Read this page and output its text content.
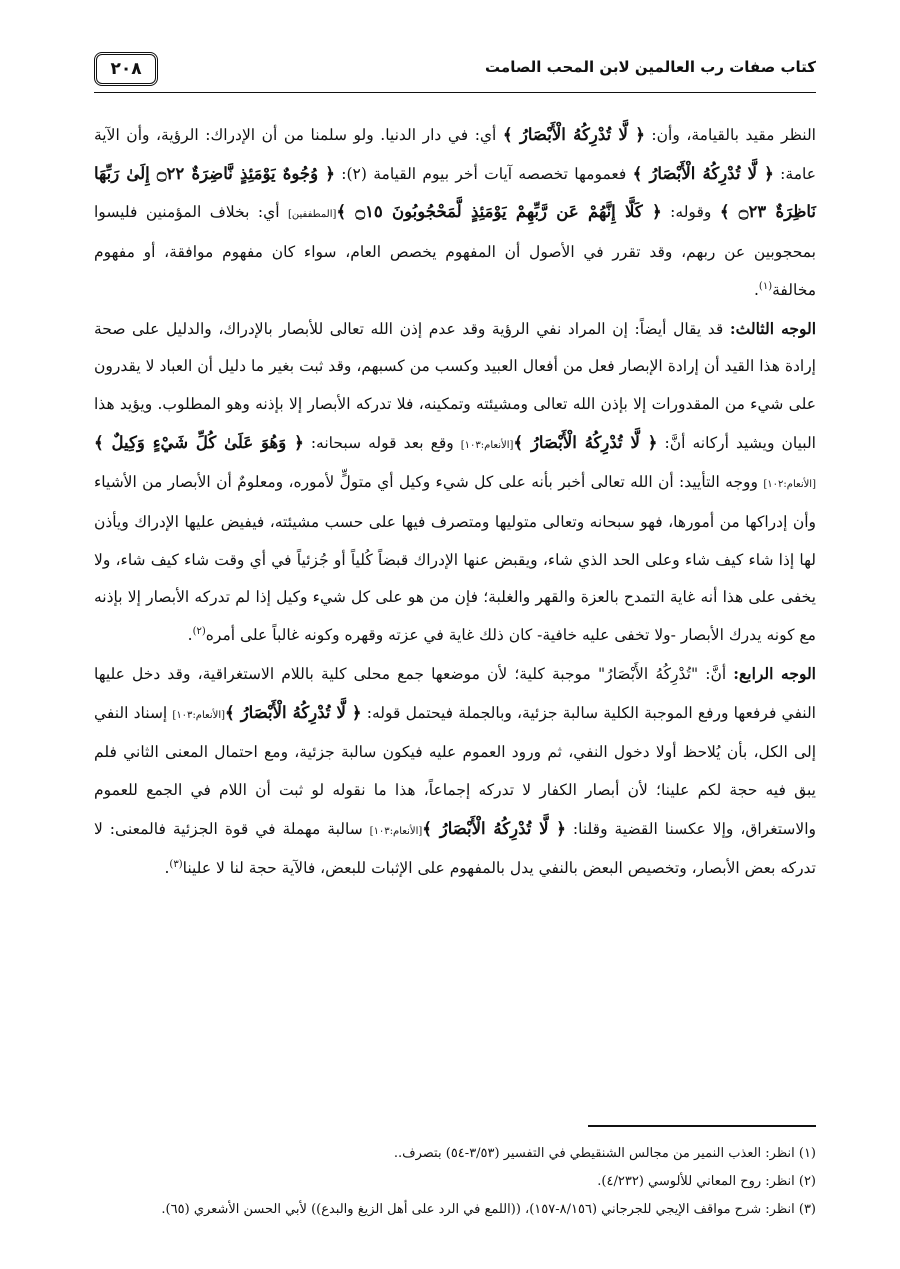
٢٠٨	كتاب صفات رب العالمين لابن المحب الصامت

النظر مقيد بالقيامة، وأن: ﴿ لَّا تُدْرِكُهُ الْأَبْصَارُ ﴾ أي: في دار الدنيا. ولو سلمنا من أن الإدراك: الرؤية، وأن الآية عامة: ﴿ لَّا تُدْرِكُهُ الْأَبْصَارُ ﴾ فعمومها تخصصه آيات أخر بيوم القيامة (٢): ﴿ وُجُوهٌ يَوْمَئِذٍ نَّاضِرَةٌ ۝٢٢ إِلَىٰ رَبِّهَا نَاظِرَةٌ ۝٢٣ ﴾ وقوله: ﴿ كَلَّا إِنَّهُمْ عَن رَّبِّهِمْ يَوْمَئِذٍ لَّمَحْجُوبُونَ ۝١٥ ﴾[المطففين] أي: بخلاف المؤمنين فليسوا بمحجوبين عن ربهم، وقد تقرر في الأصول أن المفهوم يخصص العام، سواء كان مفهوم موافقة، أو مفهوم مخالفة$^{(١)}$.

الوجه الثالث: قد يقال أيضاً: إن المراد نفي الرؤية وقد عدم إذن الله تعالى للأبصار بالإدراك، والدليل على صحة إرادة هذا القيد أن إرادة الإبصار فعل من أفعال العبيد وكسب من كسبهم، وقد ثبت بغير ما دليل أن العباد لا يقدرون على شيء من المقدورات إلا بإذن الله تعالى ومشيئته وتمكينه، فلا تدركه الأبصار إلا بإذنه وهو المطلوب. ويؤيد هذا البيان ويشيد أركانه أنَّ: ﴿ لَّا تُدْرِكُهُ الْأَبْصَارُ ﴾[الأنعام:١٠٣] وقع بعد قوله سبحانه: ﴿ وَهُوَ عَلَىٰ كُلِّ شَيْءٍ وَكِيلٌ ﴾[الأنعام:١٠٢] ووجه التأييد: أن الله تعالى أخبر بأنه على كل شيء وكيل أي متولٍّ لأموره، ومعلومٌ أن الأبصار من الأشياء وأن إدراكها من أمورها، فهو سبحانه وتعالى متوليها ومتصرف فيها على حسب مشيئته، فيفيض عليها الإدراك ويأذن لها إذا شاء كيف شاء وعلى الحد الذي شاء، ويقبض عنها الإدراك قبضاً كُلياً أو جُزئياً في أي وقت شاء كيف شاء، ولا يخفى على هذا أنه غاية التمدح بالعزة والقهر والغلبة؛ فإن من هو على كل شيء وكيل إذا لم تدركه الأبصار إلا بإذنه مع كونه يدرك الأبصار -ولا تخفى عليه خافية- كان ذلك غاية في عزته وقهره وكونه غالباً على أمره$^{(٢)}$.

الوجه الرابع: أنَّ: "تُدْرِكُهُ الأَبْصَارُ" موجبة كلية؛ لأن موضعها جمع محلى كلية باللام الاستغراقية، وقد دخل عليها النفي فرفعها ورفع الموجبة الكلية سالبة جزئية، وبالجملة فيحتمل قوله: ﴿ لَّا تُدْرِكُهُ الْأَبْصَارُ ﴾[الأنعام:١٠٣] إسناد النفي إلى الكل، بأن يُلاحظ أولا دخول النفي، ثم ورود العموم عليه فيكون سالبة جزئية، ومع احتمال المعنى الثاني فلم يبق فيه حجة لكم علينا؛ لأن أبصار الكفار لا تدركه إجماعاً، هذا ما نقوله لو ثبت أن اللام في الجمع للعموم والاستغراق، وإلا عكسنا القضية وقلنا: ﴿ لَّا تُدْرِكُهُ الْأَبْصَارُ ﴾[الأنعام:١٠٣] سالبة مهملة في قوة الجزئية فالمعنى: لا تدركه بعض الأبصار، وتخصيص البعض بالنفي يدل بالمفهوم على الإثبات للبعض، فالآية حجة لنا لا علينا$^{(٣)}$.

(١) انظر: العذب النمير من مجالس الشنقيطي في التفسير (٣/٥٣-٥٤) بتصرف..

(٢) انظر: روح المعاني للألوسي (٤/٢٣٢).

(٣) انظر: شرح مواقف الإيجي للجرجاني (٨/١٥٦-١٥٧)، ((اللمع في الرد على أهل الزيغ والبدع)) لأبي الحسن الأشعري (٦٥).
